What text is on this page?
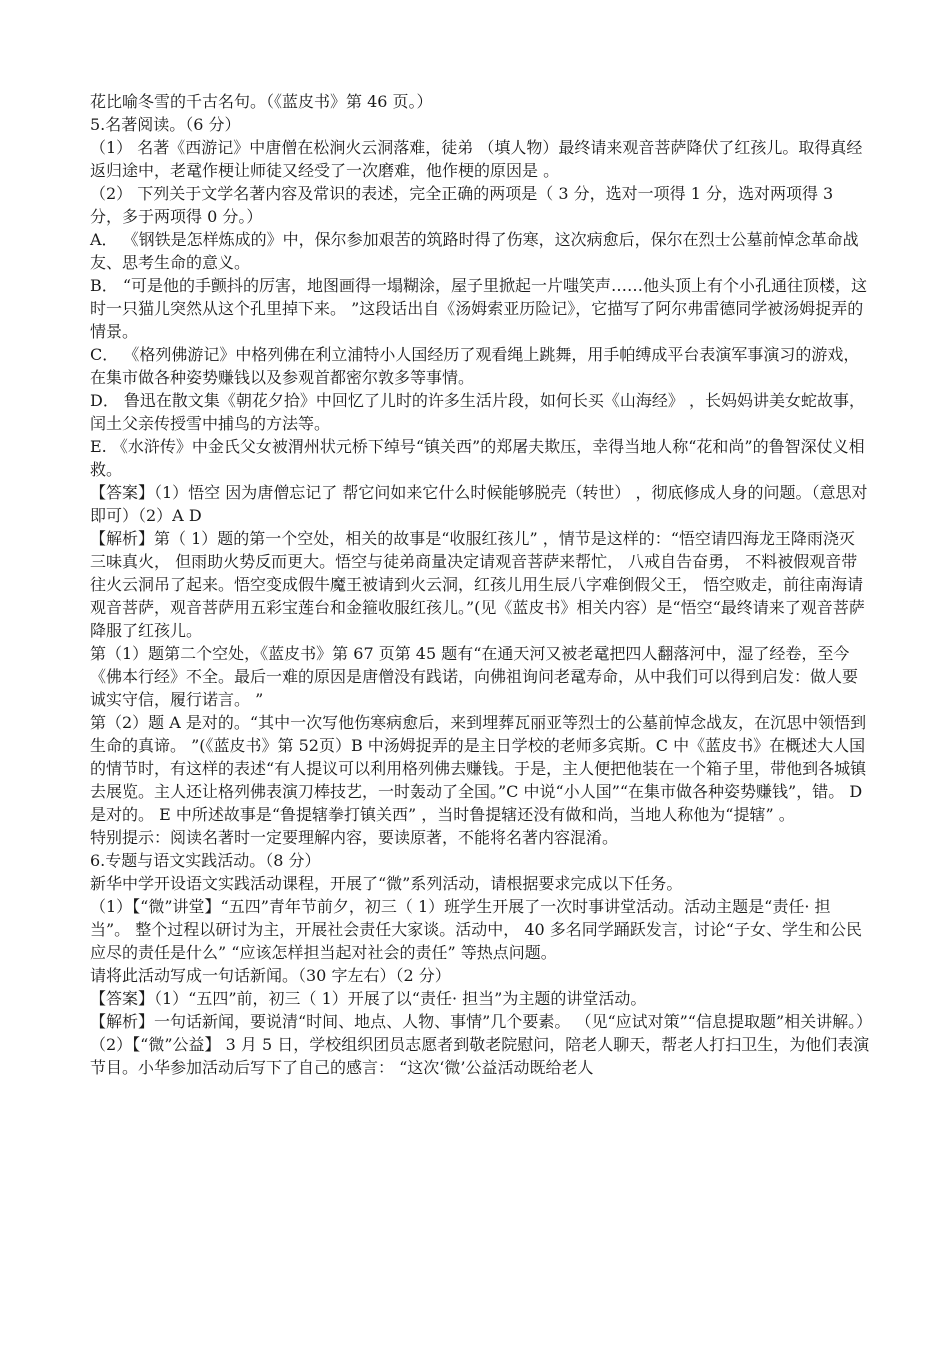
花比喻冬雪的千古名句。（《蓝皮书》第 46 页。）

5.名著阅读。（6 分）

（1） 名著《西游记》中唐僧在松涧火云洞落难，徒弟 （填人物）最终请来观音菩萨降伏了红孩儿。取得真经返归途中，老鼋作梗让师徒又经受了一次磨难，他作梗的原因是 。

（2） 下列关于文学名著内容及常识的表述，完全正确的两项是（ 3 分，选对一项得 1 分，选对两项得 3 分，多于两项得 0 分。）

A． 《钢铁是怎样炼成的》中，保尔参加艰苦的筑路时得了伤寒，这次病愈后，保尔在烈士公墓前悼念革命战友、思考生命的意义。

B． “可是他的手颤抖的厉害，地图画得一塌糊涂，屋子里掀起一片嗤笑声……他头顶上有个小孔通往顶楼，这时一只猫儿突然从这个孔里掉下来。 ”这段话出自《汤姆索亚历险记》，它描写了阿尔弗雷德同学被汤姆捉弄的情景。

C． 《格列佛游记》中格列佛在利立浦特小人国经历了观看绳上跳舞，用手帕缚成平台表演军事演习的游戏，在集市做各种姿势赚钱以及参观首都密尔敦多等事情。

D． 鲁迅在散文集《朝花夕拾》中回忆了儿时的许多生活片段，如何长买《山海经》 ，长妈妈讲美女蛇故事，闰土父亲传授雪中捕鸟的方法等。

E. 《水浒传》中金氏父女被渭州状元桥下绰号“镇关西”的郑屠夫欺压，幸得当地人称“花和尚”的鲁智深仗义相救。

【答案】（1）悟空 因为唐僧忘记了 帮它问如来它什么时候能够脱壳（转世） ，彻底修成人身的问题。（意思对即可）（2）A D

【解析】第（ 1）题的第一个空处，相关的故事是“收服红孩儿” ，情节是这样的：“悟空请四海龙王降雨浇灭三味真火， 但雨助火势反而更大。悟空与徒弟商量决定请观音菩萨来帮忙， 八戒自告奋勇， 不料被假观音带往火云洞吊了起来。悟空变成假牛魔王被请到火云洞，红孩儿用生辰八字难倒假父王， 悟空败走，前往南海请观音菩萨，观音菩萨用五彩宝莲台和金箍收服红孩儿。”(见《蓝皮书》相关内容）是“悟空“最终请来了观音菩萨降服了红孩儿。

第（1）题第二个空处，《蓝皮书》第 67 页第 45 题有“在通天河又被老鼋把四人翻落河中，湿了经卷，至今《佛本行经》不全。最后一难的原因是唐僧没有践诺，向佛祖询问老鼋寿命，从中我们可以得到启发：做人要诚实守信，履行诺言。 ”

第（2）题 A 是对的。“其中一次写他伤寒病愈后，来到埋葬瓦丽亚等烈士的公墓前悼念战友，在沉思中领悟到生命的真谛。 ”(《蓝皮书》第 52页）B 中汤姆捉弄的是主日学校的老师多宾斯。C 中《蓝皮书》在概述大人国的情节时，有这样的表述“有人提议可以利用格列佛去赚钱。于是，主人便把他装在一个箱子里，带他到各城镇去展览。主人还让格列佛表演刀棒技艺，一时轰动了全国。”C 中说“小人国”“在集市做各种姿势赚钱”，错。 D 是对的。 E 中所述故事是“鲁提辖拳打镇关西” ，当时鲁提辖还没有做和尚，当地人称他为“提辖” 。

特别提示：阅读名著时一定要理解内容，要读原著，不能将名著内容混淆。

6.专题与语文实践活动。（8 分）

新华中学开设语文实践活动课程，开展了“微”系列活动，请根据要求完成以下任务。

（1）【“微”讲堂】“五四”青年节前夕，初三（ 1）班学生开展了一次时事讲堂活动。活动主题是“责任· 担当”。 整个过程以研讨为主，开展社会责任大家谈。活动中， 40 多名同学踊跃发言，讨论“子女、学生和公民应尽的责任是什么” “应该怎样担当起对社会的责任” 等热点问题。

请将此活动写成一句话新闻。（30 字左右）（2 分）

【答案】（1）“五四”前，初三（ 1）开展了以“责任· 担当”为主题的讲堂活动。

【解析】一句话新闻，要说清“时间、地点、人物、事情”几个要素。 （见“应试对策”“信息提取题”相关讲解。）

（2）【“微”公益】 3 月 5 日，学校组织团员志愿者到敬老院慰问，陪老人聊天，帮老人打扫卫生，为他们表演节目。小华参加活动后写下了自己的感言： “这次‘微’公益活动既给老人
